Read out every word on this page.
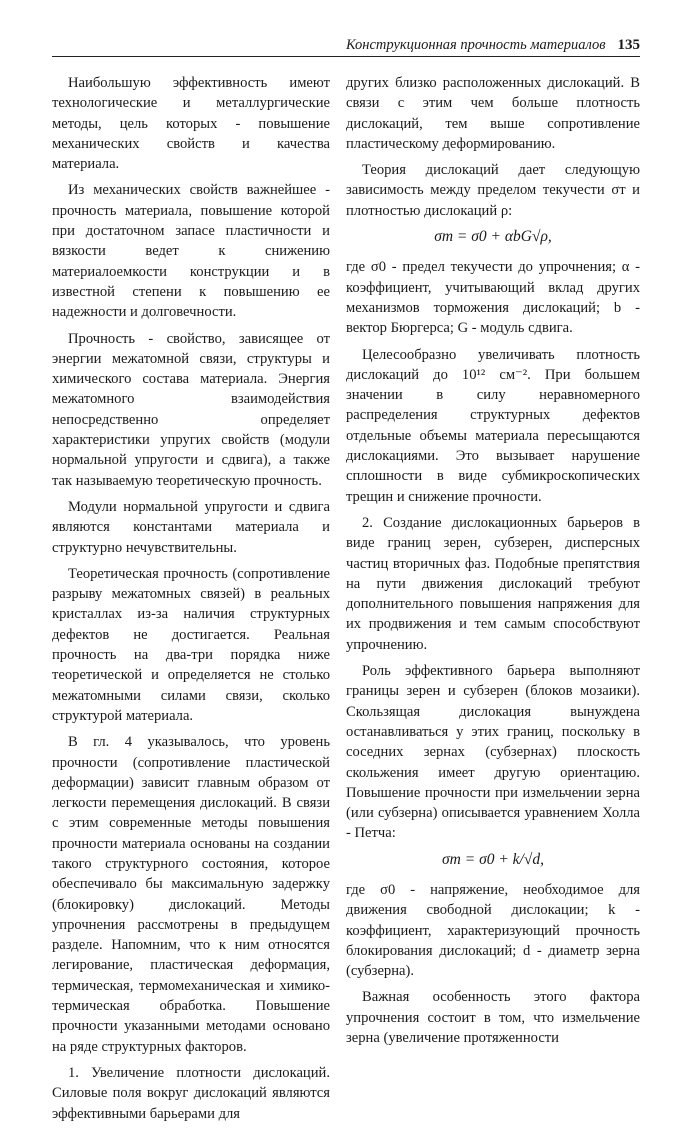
Конструкционная прочность материалов 135

Наибольшую эффективность имеют технологические и металлургические методы, цель которых - повышение механических свойств и качества материала.

Из механических свойств важнейшее - прочность материала, повышение которой при достаточном запасе пластичности и вязкости ведет к снижению материалоемкости конструкции и в известной степени к повышению ее надежности и долговечности.

Прочность - свойство, зависящее от энергии межатомной связи, структуры и химического состава материала. Энергия межатомного взаимодействия непосредственно определяет характеристики упругих свойств (модули нормальной упругости и сдвига), а также так называемую теоретическую прочность.

Модули нормальной упругости и сдвига являются константами материала и структурно нечувствительны.

Теоретическая прочность (сопротивление разрыву межатомных связей) в реальных кристаллах из-за наличия структурных дефектов не достигается. Реальная прочность на два-три порядка ниже теоретической и определяется не столько межатомными силами связи, сколько структурой материала.

В гл. 4 указывалось, что уровень прочности (сопротивление пластической деформации) зависит главным образом от легкости перемещения дислокаций. В связи с этим современные методы повышения прочности материала основаны на создании такого структурного состояния, которое обеспечивало бы максимальную задержку (блокировку) дислокаций. Методы упрочнения рассмотрены в предыдущем разделе. Напомним, что к ним относятся легирование, пластическая деформация, термическая, термомеханическая и химико-термическая обработка. Повышение прочности указанными методами основано на ряде структурных факторов.

1. Увеличение плотности дислокаций. Силовые поля вокруг дислокаций являются эффективными барьерами для

других близко расположенных дислокаций. В связи с этим чем больше плотность дислокаций, тем выше сопротивление пластическому деформированию.

Теория дислокаций дает следующую зависимость между пределом текучести σт и плотностью дислокаций ρ:

σт = σ0 + αbG√ρ,

где σ0 - предел текучести до упрочнения; α - коэффициент, учитывающий вклад других механизмов торможения дислокаций; b - вектор Бюргерса; G - модуль сдвига.

Целесообразно увеличивать плотность дислокаций до 10¹² см⁻². При большем значении в силу неравномерного распределения структурных дефектов отдельные объемы материала пересыщаются дислокациями. Это вызывает нарушение сплошности в виде субмикроскопических трещин и снижение прочности.

2. Создание дислокационных барьеров в виде границ зерен, субзерен, дисперсных частиц вторичных фаз. Подобные препятствия на пути движения дислокаций требуют дополнительного повышения напряжения для их продвижения и тем самым способствуют упрочнению.

Роль эффективного барьера выполняют границы зерен и субзерен (блоков мозаики). Скользящая дислокация вынуждена останавливаться у этих границ, поскольку в соседних зернах (субзернах) плоскость скольжения имеет другую ориентацию. Повышение прочности при измельчении зерна (или субзерна) описывается уравнением Холла - Петча:

σт = σ0 + k/√d,

где σ0 - напряжение, необходимое для движения свободной дислокации; k - коэффициент, характеризующий прочность блокирования дислокаций; d - диаметр зерна (субзерна).

Важная особенность этого фактора упрочнения состоит в том, что измельчение зерна (увеличение протяженности
